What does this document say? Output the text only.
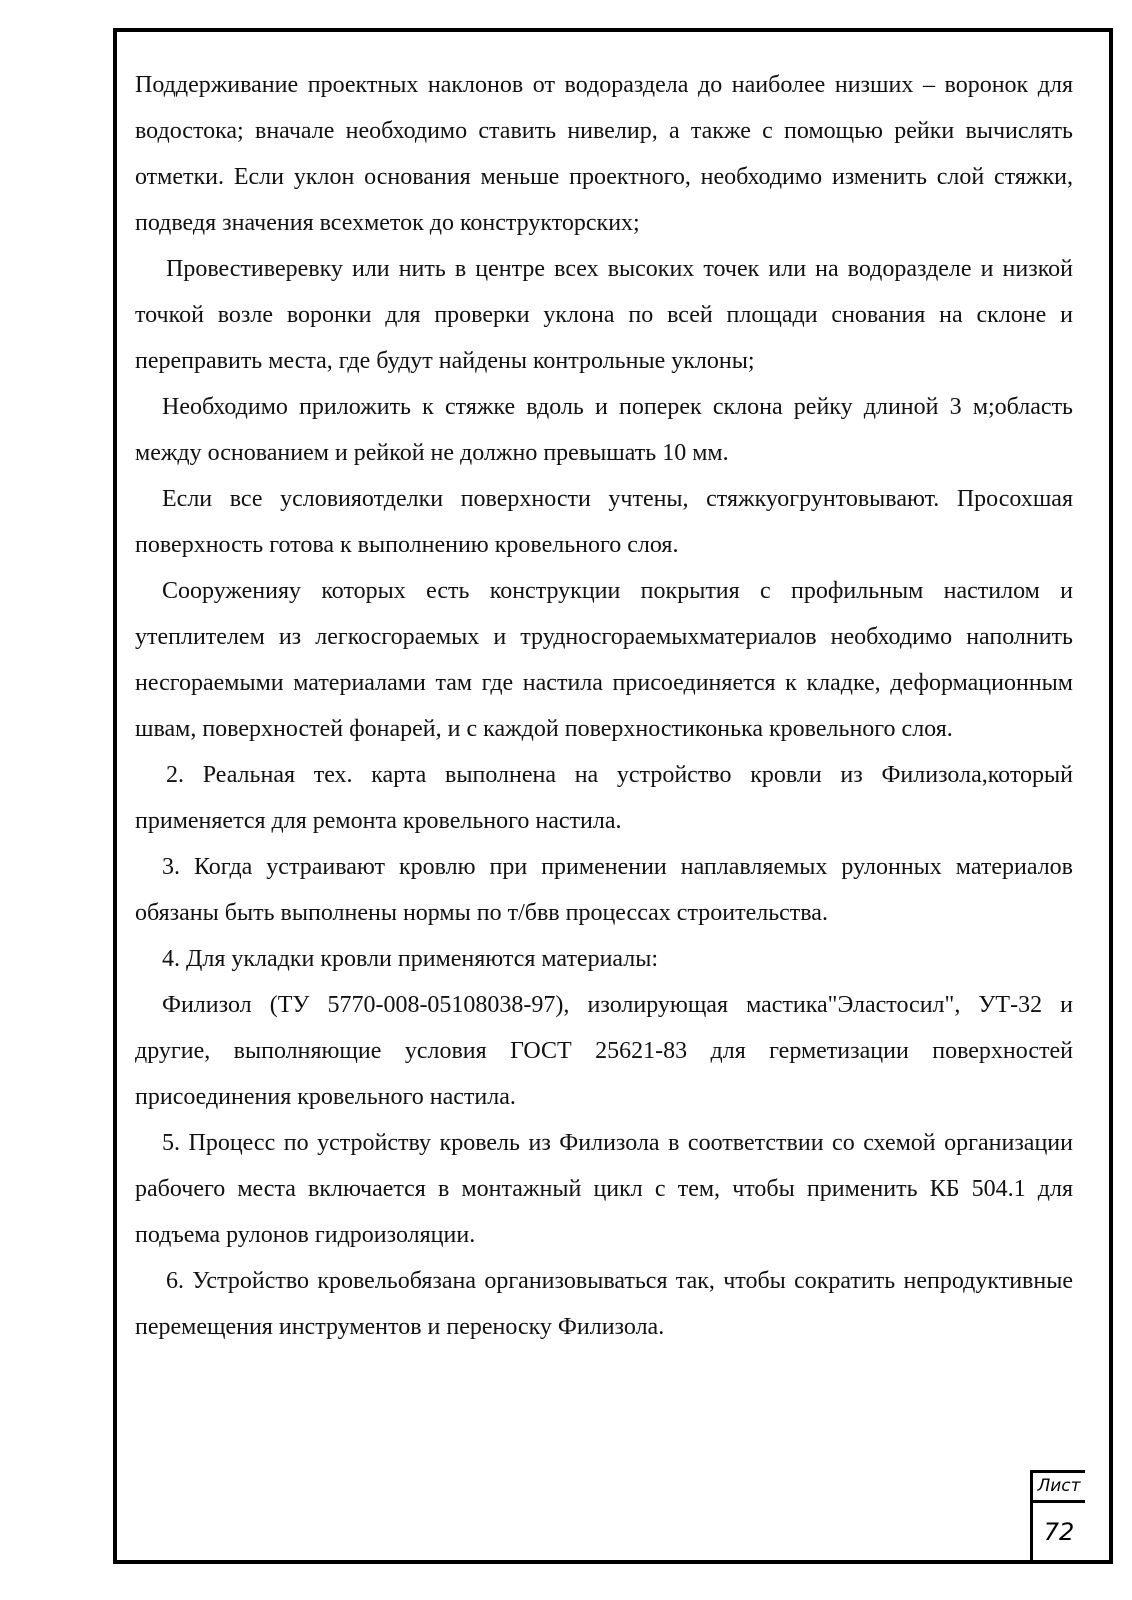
Поддерживание проектных наклонов от водораздела до наиболее низших – воронок для водостока; вначале необходимо ставить нивелир, а также с помощью рейки вычислять отметки. Если уклон основания меньше проектного, необходимо изменить слой стяжки, подведя значения всехметок до конструкторских;

Провестиверевку или нить в центре всех высоких точек или на водоразделе и низкой точкой возле воронки для проверки уклона по всей площади снования на склоне и переправить места, где будут найдены контрольные уклоны;

Необходимо приложить к стяжке вдоль и поперек склона рейку длиной 3 м;область между основанием и рейкой не должно превышать 10 мм.

Если все условияотделки поверхности учтены, стяжкуогрунтовывают. Просохшая поверхность готова к выполнению кровельного слоя.

Сооруженияу которых есть конструкции покрытия с профильным настилом и утеплителем из легкосгораемых и трудносгораемыхматериалов необходимо наполнить несгораемыми материалами там где настила присоединяется к кладке, деформационным швам, поверхностей фонарей, и с каждой поверхностиконька кровельного слоя.

2. Реальная тех. карта выполнена на устройство кровли из Филизола,который применяется для ремонта кровельного настила.

3. Когда устраивают кровлю при применении наплавляемых рулонных материалов обязаны быть выполнены нормы по т/бвв процессах строительства.

4. Для укладки кровли применяются материалы:

Филизол (ТУ 5770-008-05108038-97), изолирующая мастика"Эластосил", УТ-32 и другие, выполняющие условия ГОСТ 25621-83 для герметизации поверхностей присоединения кровельного настила.

5. Процесс по устройству кровель из Филизола в соответствии со схемой организации рабочего места включается в монтажный цикл с тем, чтобы применить КБ 504.1 для подъема рулонов гидроизоляции.

6. Устройство кровельобязана организовываться так, чтобы сократить непродуктивные перемещения инструментов и переноску Филизола.

Лист
72
